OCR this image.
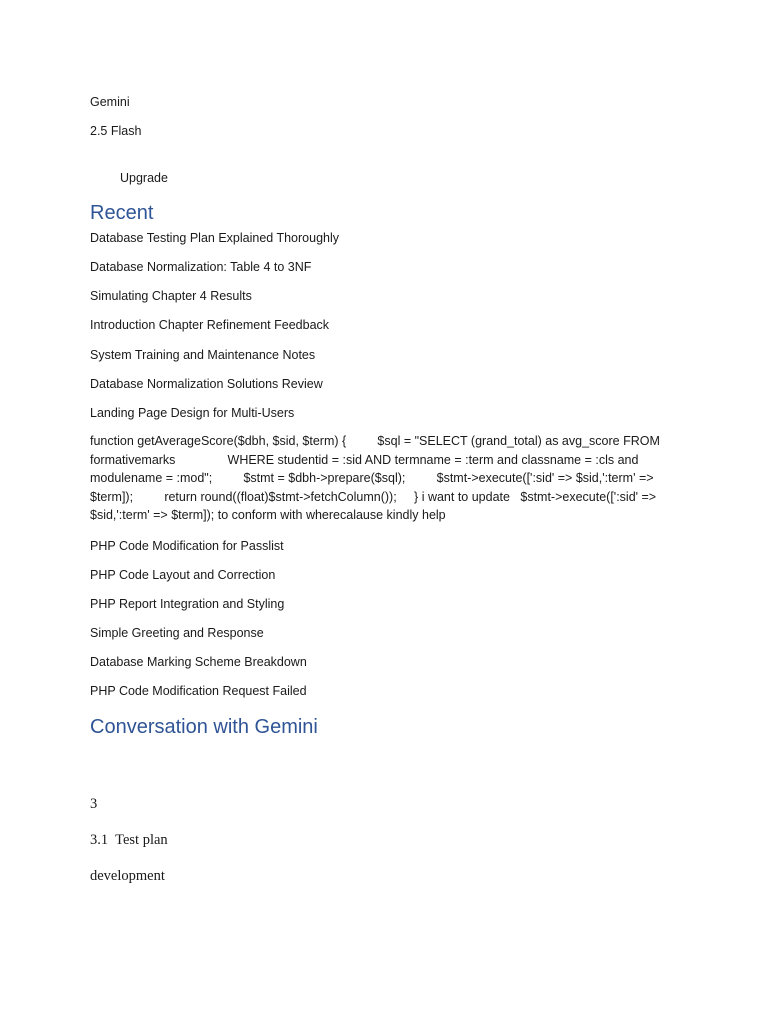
Gemini
2.5 Flash
Upgrade
Recent
Database Testing Plan Explained Thoroughly
Database Normalization: Table 4 to 3NF
Simulating Chapter 4 Results
Introduction Chapter Refinement Feedback
System Training and Maintenance Notes
Database Normalization Solutions Review
Landing Page Design for Multi-Users
function getAverageScore($dbh, $sid, $term) {         $sql = "SELECT (grand_total) as avg_score FROM formativemarks               WHERE studentid = :sid AND termname = :term and classname = :cls and modulename = :mod";         $stmt = $dbh->prepare($sql);         $stmt->execute([':sid' => $sid,':term' => $term]);         return round((float)$stmt->fetchColumn());     } i want to update   $stmt->execute([':sid' => $sid,':term' => $term]); to conform with wherecalause kindly help
PHP Code Modification for Passlist
PHP Code Layout and Correction
PHP Report Integration and Styling
Simple Greeting and Response
Database Marking Scheme Breakdown
PHP Code Modification Request Failed
Conversation with Gemini
3
3.1  Test plan
development
